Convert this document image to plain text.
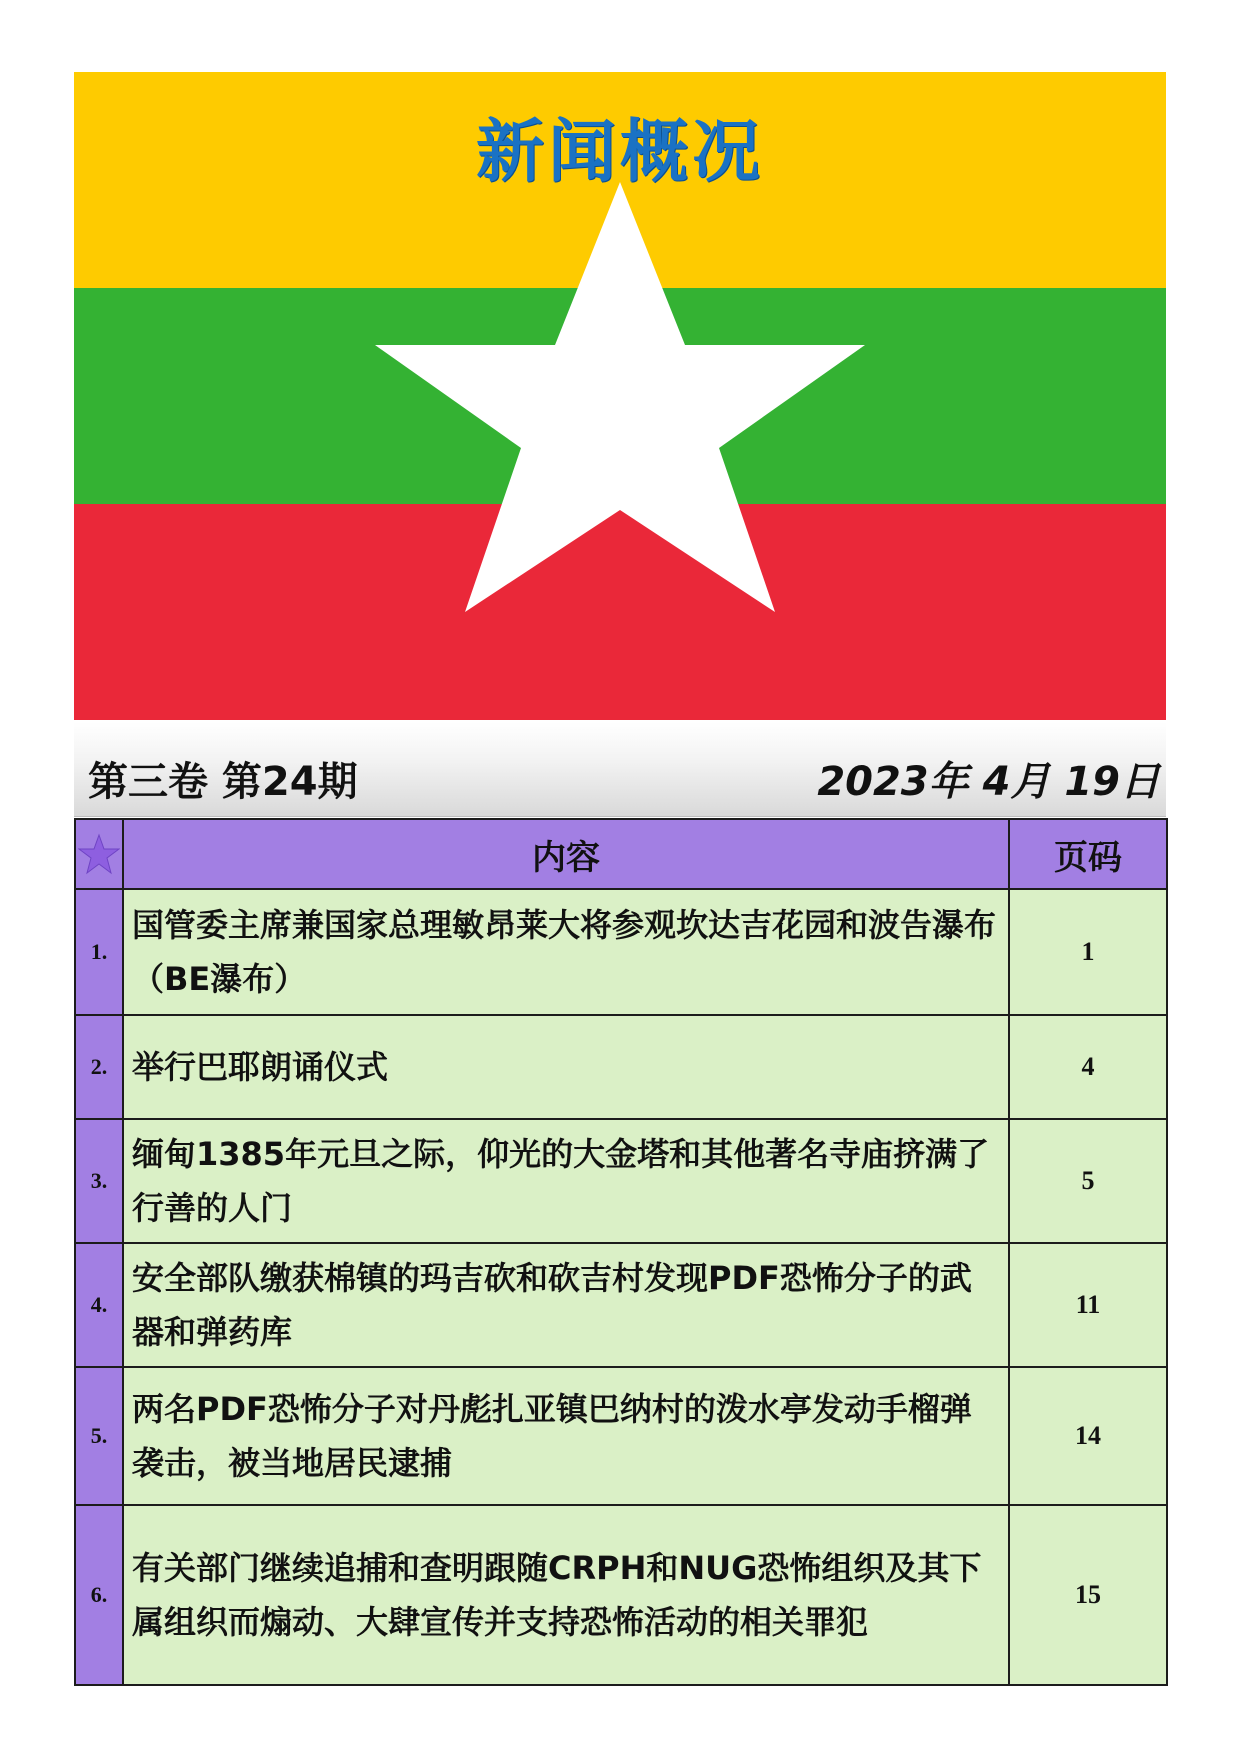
新闻概况
第三卷 第24期	2023年 4月 19日
	内容	页码
1.	国管委主席兼国家总理敏昂莱大将参观坎达吉花园和波告瀑布（BE瀑布）	1
2.	举行巴耶朗诵仪式	4
3.	缅甸1385年元旦之际，仰光的大金塔和其他著名寺庙挤满了行善的人门	5
4.	安全部队缴获棉镇的玛吉砍和砍吉村发现PDF恐怖分子的武器和弹药库	11
5.	两名PDF恐怖分子对丹彪扎亚镇巴纳村的泼水亭发动手榴弹袭击，被当地居民逮捕	14
6.	有关部门继续追捕和查明跟随CRPH和NUG恐怖组织及其下属组织而煽动、大肆宣传并支持恐怖活动的相关罪犯	15
